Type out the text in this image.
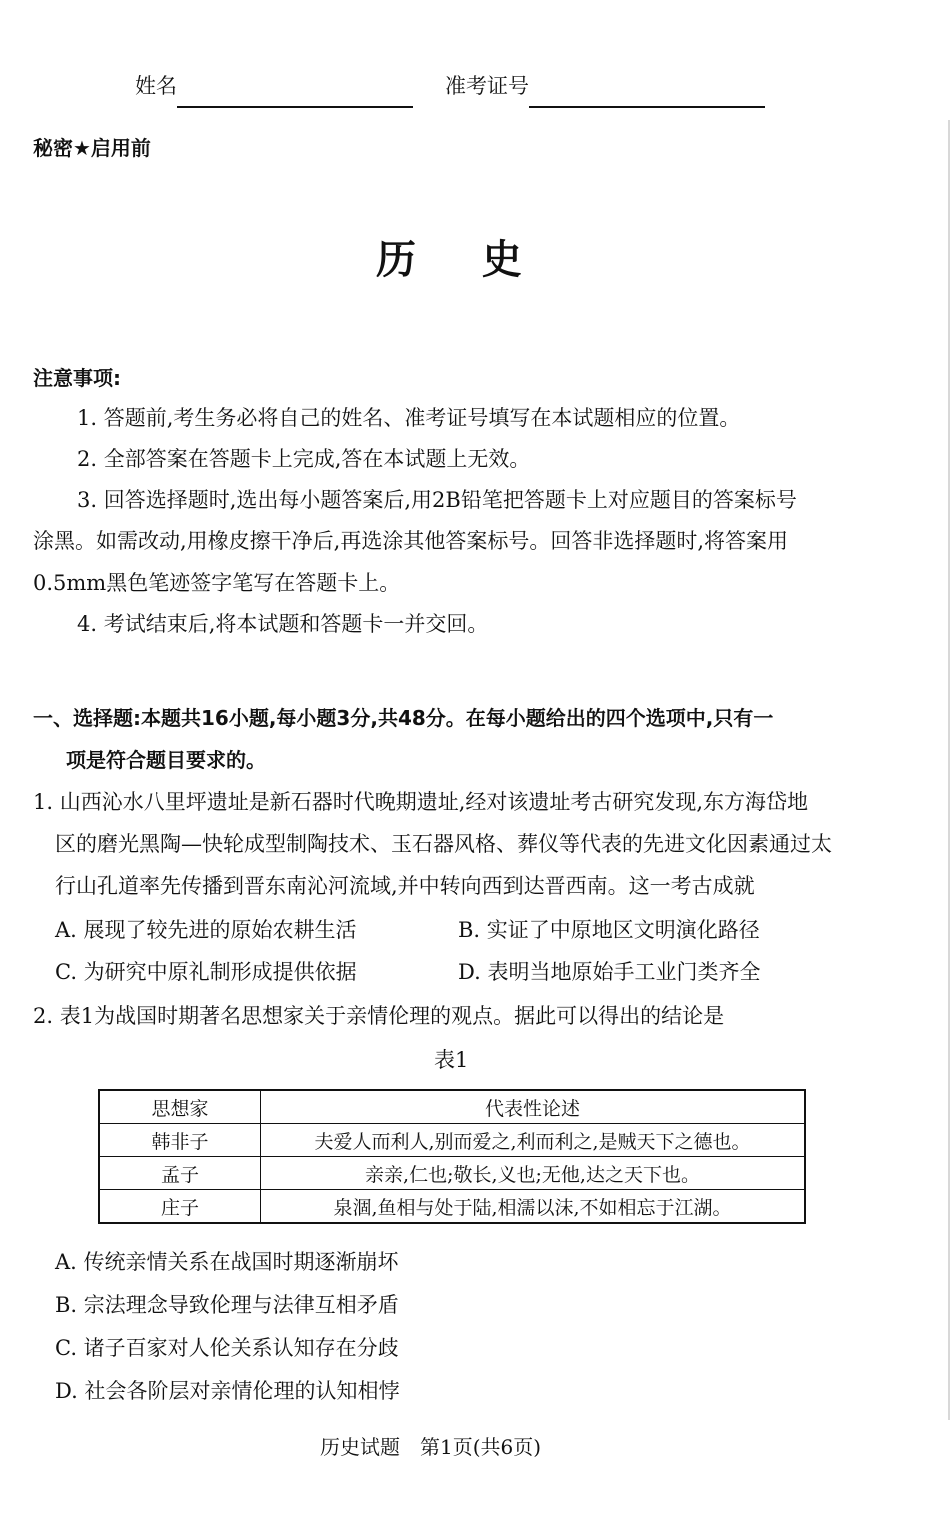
姓名	准考证号
秘密★启用前
历    史
注意事项:
1. 答题前,考生务必将自己的姓名、准考证号填写在本试题相应的位置。
2. 全部答案在答题卡上完成,答在本试题上无效。
3. 回答选择题时,选出每小题答案后,用2B铅笔把答题卡上对应题目的答案标号
涂黑。如需改动,用橡皮擦干净后,再选涂其他答案标号。回答非选择题时,将答案用
0.5mm黑色笔迹签字笔写在答题卡上。
4. 考试结束后,将本试题和答题卡一并交回。
一、选择题:本题共16小题,每小题3分,共48分。在每小题给出的四个选项中,只有一
项是符合题目要求的。
1. 山西沁水八里坪遗址是新石器时代晚期遗址,经对该遗址考古研究发现,东方海岱地
区的磨光黑陶—快轮成型制陶技术、玉石器风格、葬仪等代表的先进文化因素通过太
行山孔道率先传播到晋东南沁河流域,并中转向西到达晋西南。这一考古成就
A. 展现了较先进的原始农耕生活	B. 实证了中原地区文明演化路径
C. 为研究中原礼制形成提供依据	D. 表明当地原始手工业门类齐全
2. 表1为战国时期著名思想家关于亲情伦理的观点。据此可以得出的结论是
表1
思想家	代表性论述
韩非子	夫爱人而利人,别而爱之,利而利之,是贼天下之德也。
孟子	亲亲,仁也;敬长,义也;无他,达之天下也。
庄子	泉涸,鱼相与处于陆,相濡以沫,不如相忘于江湖。
A. 传统亲情关系在战国时期逐渐崩坏
B. 宗法理念导致伦理与法律互相矛盾
C. 诸子百家对人伦关系认知存在分歧
D. 社会各阶层对亲情伦理的认知相悖
历史试题　第1页(共6页)
